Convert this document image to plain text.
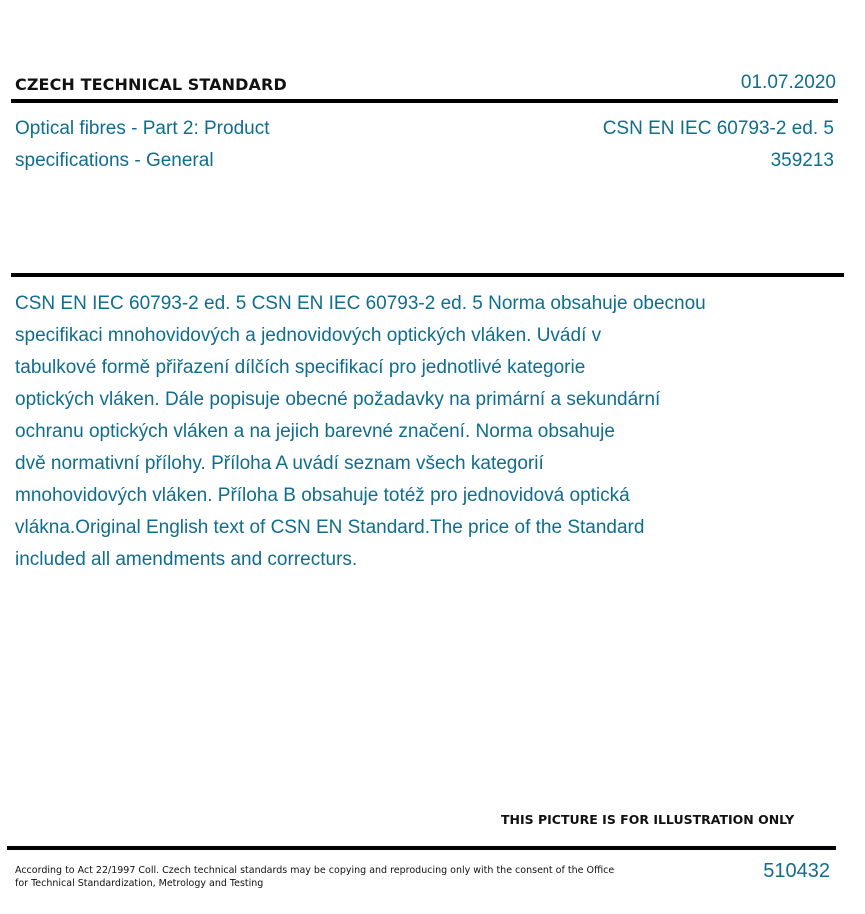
CZECH TECHNICAL STANDARD	01.07.2020
Optical fibres - Part 2: Product
specifications - General
CSN EN IEC 60793-2 ed. 5
359213
CSN EN IEC 60793-2 ed. 5 CSN EN IEC 60793-2 ed. 5 Norma obsahuje obecnou
specifikaci mnohovidových a jednovidových optických vláken. Uvádí v
tabulkové formě přiřazení dílčích specifikací pro jednotlivé kategorie
optických vláken. Dále popisuje obecné požadavky na primární a sekundární
ochranu optických vláken a na jejich barevné značení. Norma obsahuje
dvě normativní přílohy. Příloha A uvádí seznam všech kategorií
mnohovidových vláken. Příloha B obsahuje totéž pro jednovidová optická
vlákna.Original English text of CSN EN Standard.The price of the Standard
included all amendments and correcturs.
THIS PICTURE IS FOR ILLUSTRATION ONLY
According to Act 22/1997 Coll. Czech technical standards may be copying and reproducing only with the consent of the Office
for Technical Standardization, Metrology and Testing
510432
